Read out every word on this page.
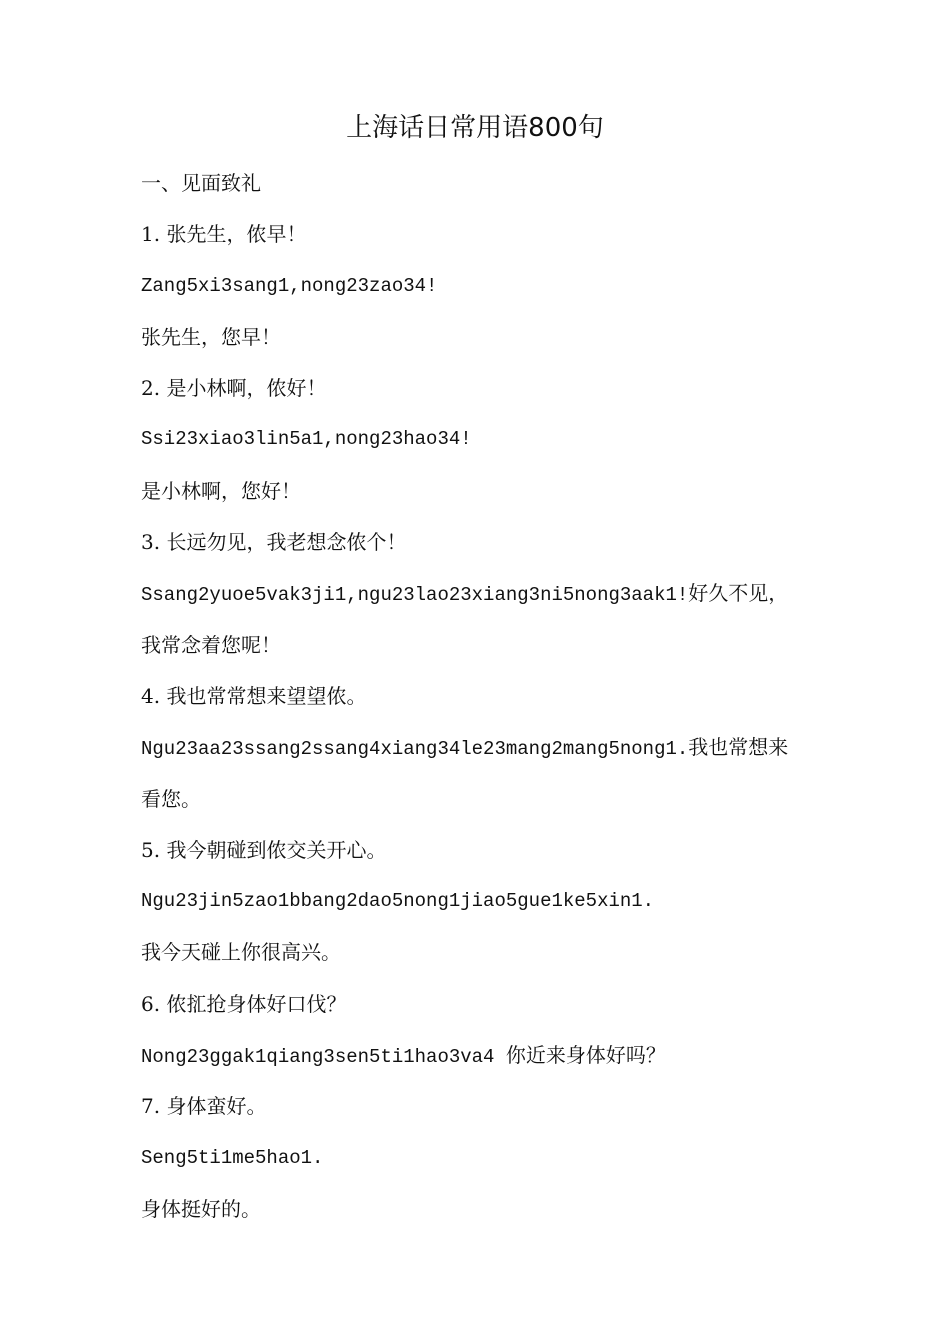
上海话日常用语800句
一、见面致礼
1. 张先生，侬早！
Zang5xi3sang1,nong23zao34!
张先生，您早！
2. 是小林啊，侬好！
Ssi23xiao3lin5a1,nong23hao34!
是小林啊，您好！
3. 长远勿见，我老想念侬个！
Ssang2yuoe5vak3ji1,ngu23lao23xiang3ni5nong3aak1!好久不见，
我常念着您呢！
4. 我也常常想来望望侬。
Ngu23aa23ssang2ssang4xiang34le23mang2mang5nong1.我也常想来
看您。
5. 我今朝碰到侬交关开心。
Ngu23jin5zao1bbang2dao5nong1jiao5gue1ke5xin1.
我今天碰上你很高兴。
6. 侬㧟抢身体好口伐？
Nong23ggak1qiang3sen5ti1hao3va4 你近来身体好吗？
7. 身体蛮好。
Seng5ti1me5hao1.
身体挺好的。
